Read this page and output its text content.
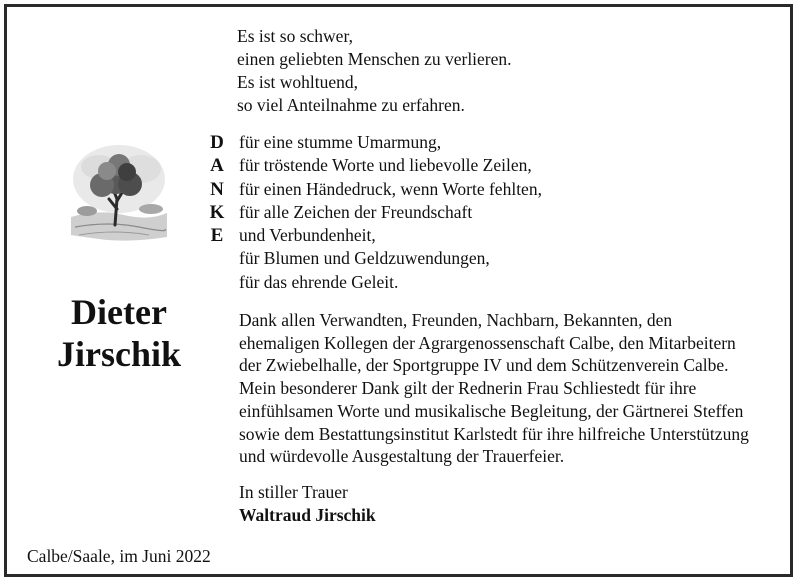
Es ist so schwer,
einen geliebten Menschen zu verlieren.
Es ist wohltuend,
so viel Anteilnahme zu erfahren.
D
A
N
K
E
für eine stumme Umarmung,
für tröstende Worte und liebevolle Zeilen,
für einen Händedruck, wenn Worte fehlten,
für alle Zeichen der Freundschaft
und Verbundenheit,
für Blumen und Geldzuwendungen,
für das ehrende Geleit.
Dieter
Jirschik
Dank allen Verwandten, Freunden, Nachbarn, Bekannten, den
ehemaligen Kollegen der Agrargenossenschaft Calbe, den Mitarbeitern
der Zwiebelhalle, der Sportgruppe IV und dem Schützenverein Calbe.
Mein besonderer Dank gilt der Rednerin Frau Schliestedt für ihre
einfühlsamen Worte und musikalische Begleitung, der Gärtnerei Steffen
sowie dem Bestattungsinstitut Karlstedt für ihre hilfreiche Unterstützung
und würdevolle Ausgestaltung der Trauerfeier.
In stiller Trauer
Waltraud Jirschik
Calbe/Saale, im Juni 2022
